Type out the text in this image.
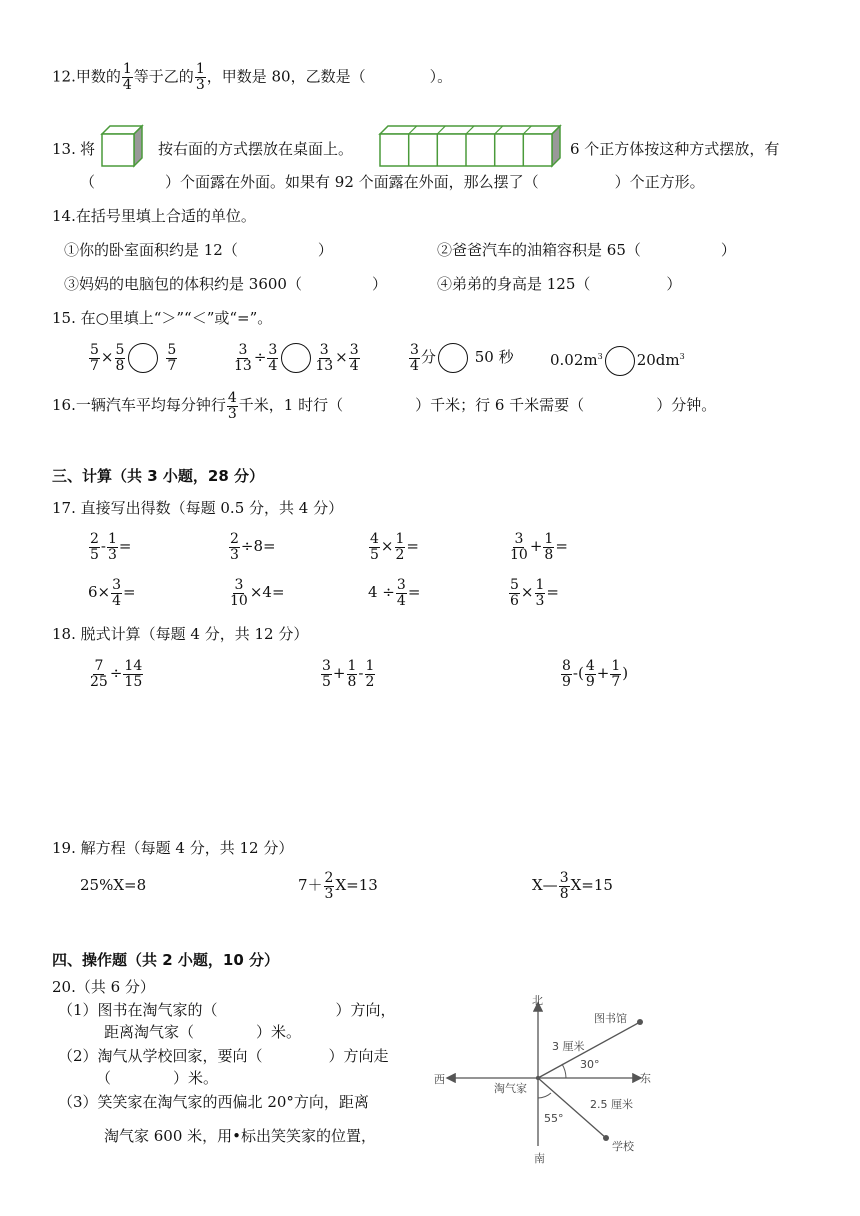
12.甲数的 $\frac{1}{4}$ 等于乙的 $\frac{1}{3}$ ，甲数是 80，乙数是（	）。
13. 将	按右面的方式摆放在桌面上。	6 个正方体按这种方式摆放，有
（	）个面露在外面。如果有 92 个面露在外面，那么摆了（	）个正方形。
14.在括号里填上合适的单位。
①你的卧室面积约是 12（	）	②爸爸汽车的油箱容积是 65（	）
③妈妈的电脑包的体积约是 3600（	）	④弟弟的身高是 125（	）
15. 在○里填上“＞”“＜”或“=”。
$\frac{5}{7} \times \frac{5}{8}$	$\frac{5}{7}$	$\frac{3}{13} \div \frac{3}{4}$	$\frac{3}{13} \times \frac{3}{4}$	$\frac{3}{4}$ 分	50 秒 $0.02m^3$ $20dm^3$
16.一辆汽车平均每分钟行 $\frac{4}{3}$ 千米，1 时行（	）千米；行 6 千米需要（	）分钟。
三、计算（共 3 小题，28 分）
17. 直接写出得数（每题 0.5 分，共 4 分）
$\frac{2}{5} - \frac{1}{3}$ =	$\frac{2}{3} \div 8=$	$\frac{4}{5} \times \frac{1}{2}$ =	$\frac{3}{10} + \frac{1}{8}$ =
$6\times \frac{3}{4}$ =	$\frac{3}{10} \times 4=$	$4 \div \frac{3}{4}$ =	$\frac{5}{6} \times \frac{1}{3}$ =
18. 脱式计算（每题 4 分，共 12 分）
$\frac{7}{25} \div \frac{14}{15}$	$\frac{3}{5} + \frac{1}{8} - \frac{1}{2}$	$\frac{8}{9}$ -( $\frac{4}{9} + \frac{1}{7}$ )
19. 解方程（每题 4 分，共 12 分）
25%X=8	$7+ \frac{2}{3} X=13$	X— $\frac{3}{8} X=15$
四、操作题（共 2 小题，10 分）
20.（共 6 分）
（1）图书在淘气家的（	）方向，
距离淘气家（	）米。
（2）淘气从学校回家，要向（	）方向走
（	）米。
（3）笑笑家在淘气家的西偏北 20°方向，距离
淘气家 600 米，用•标出笑笑家的位置，
北
南
西	东
淘气家
图书馆
学校
3 厘米
2.5 厘米
30°
55°
